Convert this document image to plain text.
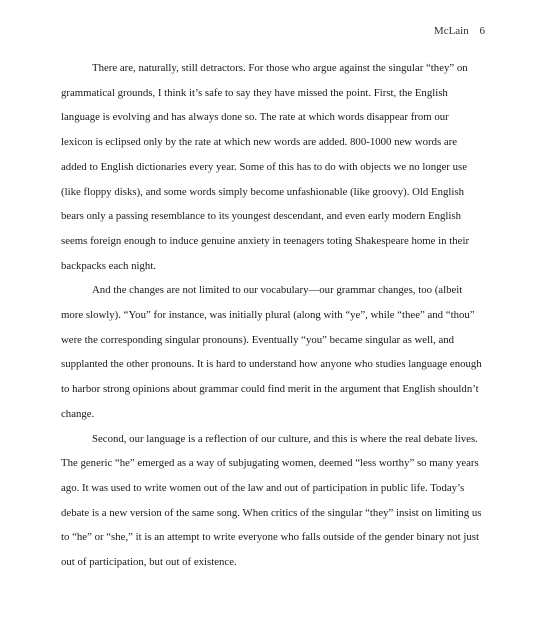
McLain 6

There are, naturally, still detractors. For those who argue against the singular “they” on grammatical grounds, I think it’s safe to say they have missed the point. First, the English language is evolving and has always done so. The rate at which words disappear from our lexicon is eclipsed only by the rate at which new words are added. 800-1000 new words are added to English dictionaries every year. Some of this has to do with objects we no longer use (like floppy disks), and some words simply become unfashionable (like groovy). Old English bears only a passing resemblance to its youngest descendant, and even early modern English seems foreign enough to induce genuine anxiety in teenagers toting Shakespeare home in their backpacks each night.

And the changes are not limited to our vocabulary—our grammar changes, too (albeit more slowly). “You” for instance, was initially plural (along with “ye”, while “thee” and “thou” were the corresponding singular pronouns). Eventually “you” became singular as well, and supplanted the other pronouns. It is hard to understand how anyone who studies language enough to harbor strong opinions about grammar could find merit in the argument that English shouldn’t change.

Second, our language is a reflection of our culture, and this is where the real debate lives. The generic “he” emerged as a way of subjugating women, deemed “less worthy” so many years ago. It was used to write women out of the law and out of participation in public life. Today’s debate is a new version of the same song. When critics of the singular “they” insist on limiting us to “he” or “she,” it is an attempt to write everyone who falls outside of the gender binary not just out of participation, but out of existence.
